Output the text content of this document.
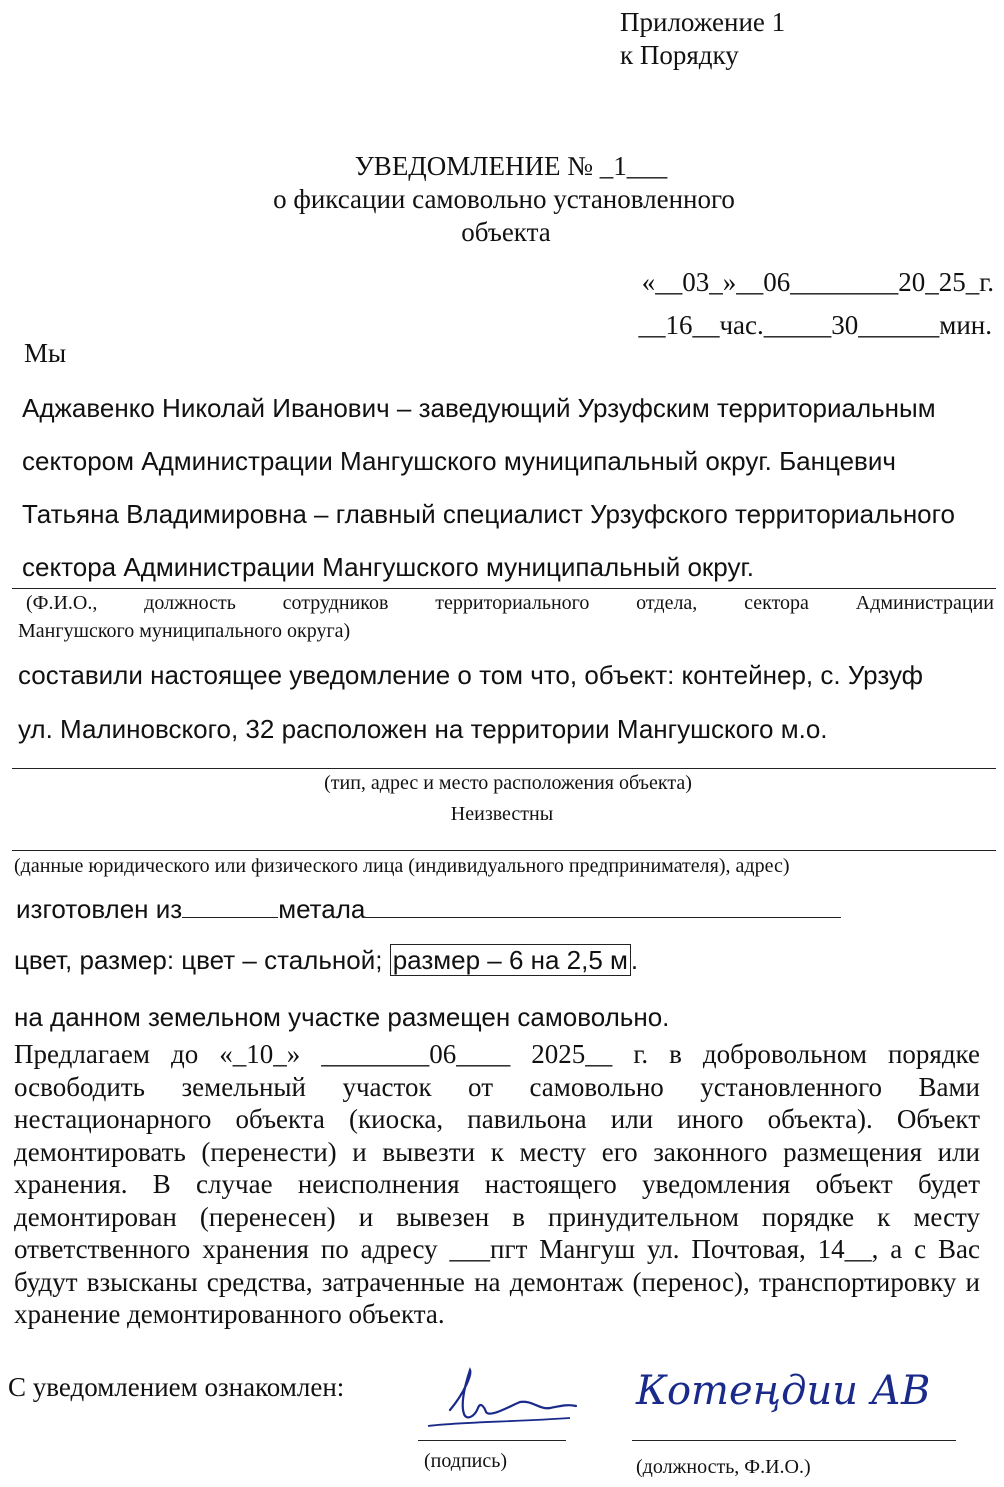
Приложение 1
к Порядку
УВЕДОМЛЕНИЕ № _1___
о фиксации самовольно установленного
объекта
«__03_»__06________20_25_г.
__16__час._____30______мин.
Мы
Аджавенко Николай Иванович – заведующий Урзуфским территориальным
сектором Администрации Мангушского муниципальный округ. Банцевич
Татьяна Владимировна – главный специалист Урзуфского территориального
сектора Администрации Мангушского муниципальный округ.
(Ф.И.О., должность сотрудников территориального отдела, сектора Администрации
Мангушского муниципального округа)
составили настоящее уведомление о том что, объект: контейнер, с. Урзуф
ул. Малиновского, 32 расположен на территории Мангушского м.о.
(тип, адрес и место расположения объекта)
Неизвестны
(данные юридического или физического лица (индивидуального предпринимателя), адрес)
изготовлен из	метала
цвет, размер: цвет – стальной; размер – 6 на 2,5 м .
на данном земельном участке размещен самовольно.
Предлагаем до «_10_» ________06____ 2025__ г. в добровольном порядке освободить земельный участок от самовольно установленного Вами нестационарного объекта (киоска, павильона или иного объекта). Объект демонтировать (перенести) и вывезти к месту его законного размещения или хранения. В случае неисполнения настоящего уведомления объект будет демонтирован (перенесен) и вывезен в принудительном порядке к месту ответственного хранения по адресу ___пгт Мангуш ул. Почтовая, 14__, а с Вас будут взысканы средства, затраченные на демонтаж (перенос), транспортировку и хранение демонтированного объекта.
С уведомлением ознакомлен:	Котеңдии АВ
(подпись)	(должность, Ф.И.О.)
